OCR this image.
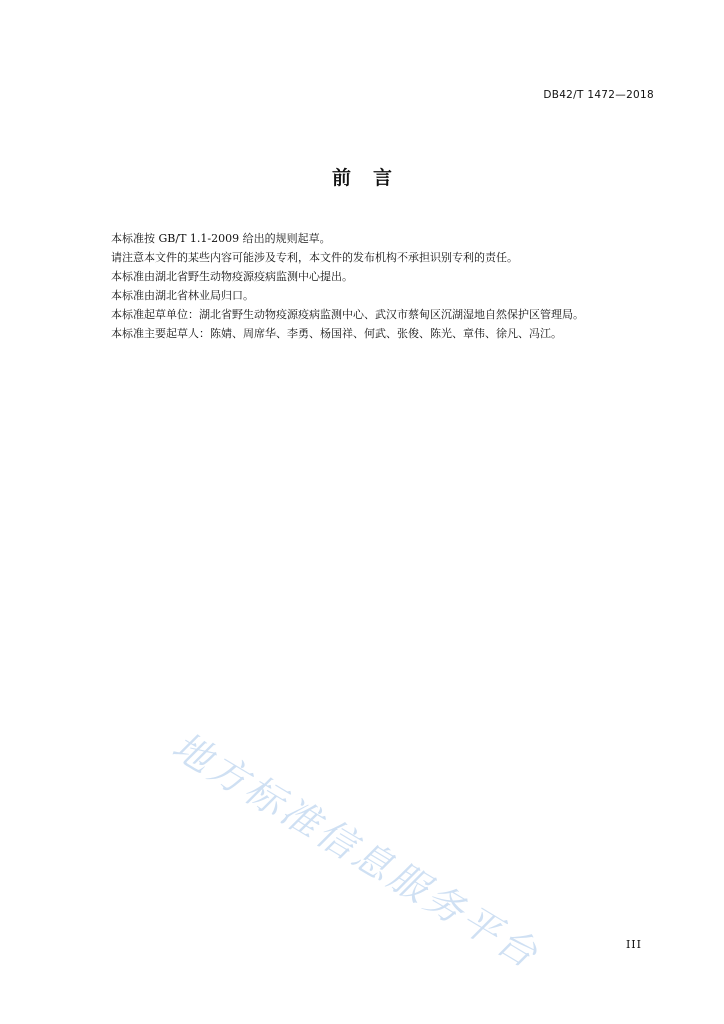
DB42/T 1472—2018
前言
本标准按 GB/T 1.1-2009 给出的规则起草。
请注意本文件的某些内容可能涉及专利，本文件的发布机构不承担识别专利的责任。
本标准由湖北省野生动物疫源疫病监测中心提出。
本标准由湖北省林业局归口。
本标准起草单位：湖北省野生动物疫源疫病监测中心、武汉市蔡甸区沉湖湿地自然保护区管理局。
本标准主要起草人：陈婧、周席华、李勇、杨国祥、何武、张俊、陈光、章伟、徐凡、冯江。
地方标准信息服务平台	III
